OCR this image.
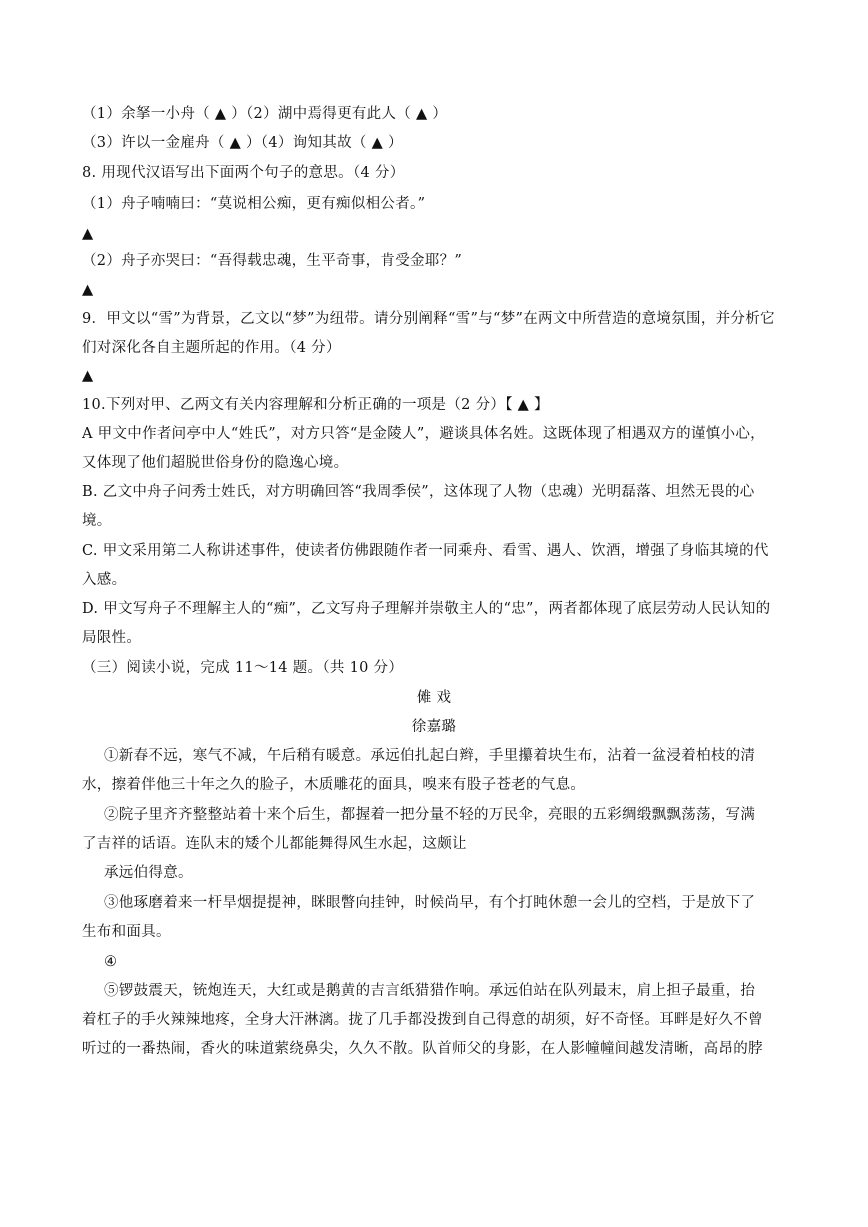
（1）余拏一小舟（ ▲ ）（2）湖中焉得更有此人（ ▲ ）
（3）许以一金雇舟（ ▲ ）（4）询知其故（ ▲ ）
8. 用现代汉语写出下面两个句子的意思。（4 分）
（1）舟子喃喃曰：“莫说相公痴，更有痴似相公者。”
▲
（2）舟子亦哭曰：“吾得载忠魂，生平奇事，肯受金耶？”
▲
9．甲文以“雪”为背景，乙文以“梦”为纽带。请分别阐释“雪”与“梦”在两文中所营造的意境氛围，并分析它
们对深化各自主题所起的作用。（4 分）
▲
10.下列对甲、乙两文有关内容理解和分析正确的一项是（2 分）【 ▲ 】
A 甲文中作者问亭中人“姓氏”，对方只答“是金陵人”，避谈具体名姓。这既体现了相遇双方的谨慎小心，
又体现了他们超脱世俗身份的隐逸心境。
B. 乙文中舟子问秀士姓氏，对方明确回答“我周季侯”，这体现了人物（忠魂）光明磊落、坦然无畏的心
境。
C. 甲文采用第二人称讲述事件，使读者仿佛跟随作者一同乘舟、看雪、遇人、饮酒，增强了身临其境的代
入感。
D. 甲文写舟子不理解主人的“痴”，乙文写舟子理解并崇敬主人的“忠”，两者都体现了底层劳动人民认知的
局限性。
（三）阅读小说，完成 11～14 题。（共 10 分）
傩 戏
徐嘉璐
①新春不远，寒气不减，午后稍有暖意。承远伯扎起白辫，手里攥着块生布，沾着一盆浸着柏枝的清
水，擦着伴他三十年之久的脸子，木质雕花的面具，嗅来有股子苍老的气息。
②院子里齐齐整整站着十来个后生，都握着一把分量不轻的万民伞，亮眼的五彩绸缎飘飘荡荡，写满
了吉祥的话语。连队末的矮个儿都能舞得风生水起，这颇让
承远伯得意。
③他琢磨着来一杆旱烟提提神，眯眼瞥向挂钟，时候尚早，有个打盹休憩一会儿的空档，于是放下了
生布和面具。
④
⑤锣鼓震天，铳炮连天，大红或是鹅黄的吉言纸猎猎作响。承远伯站在队列最末，肩上担子最重，抬
着杠子的手火辣辣地疼，全身大汗淋漓。拢了几手都没拨到自己得意的胡须，好不奇怪。耳畔是好久不曾
听过的一番热闹，香火的味道萦绕鼻尖，久久不散。队首师父的身影，在人影幢幢间越发清晰，高昂的脖
